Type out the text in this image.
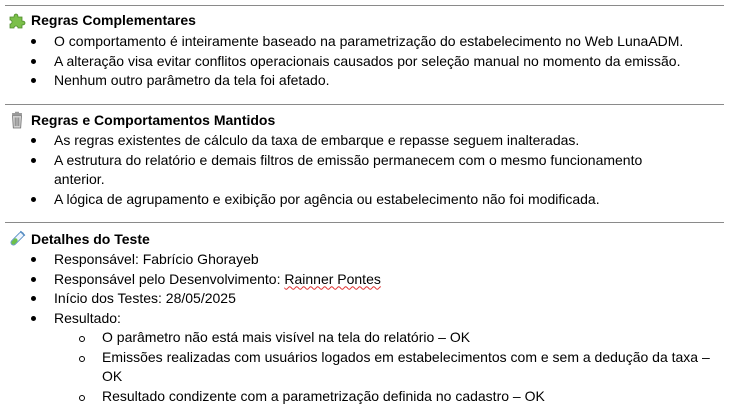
Regras Complementares
O comportamento é inteiramente baseado na parametrização do estabelecimento no Web LunaADM.
A alteração visa evitar conflitos operacionais causados por seleção manual no momento da emissão.
Nenhum outro parâmetro da tela foi afetado.
Regras e Comportamentos Mantidos
As regras existentes de cálculo da taxa de embarque e repasse seguem inalteradas.
A estrutura do relatório e demais filtros de emissão permanecem com o mesmo funcionamento anterior.
A lógica de agrupamento e exibição por agência ou estabelecimento não foi modificada.
Detalhes do Teste
Responsável: Fabrício Ghorayeb
Responsável pelo Desenvolvimento: Rainner Pontes
Início dos Testes: 28/05/2025
Resultado:
O parâmetro não está mais visível na tela do relatório – OK
Emissões realizadas com usuários logados em estabelecimentos com e sem a dedução da taxa – OK
Resultado condizente com a parametrização definida no cadastro – OK
